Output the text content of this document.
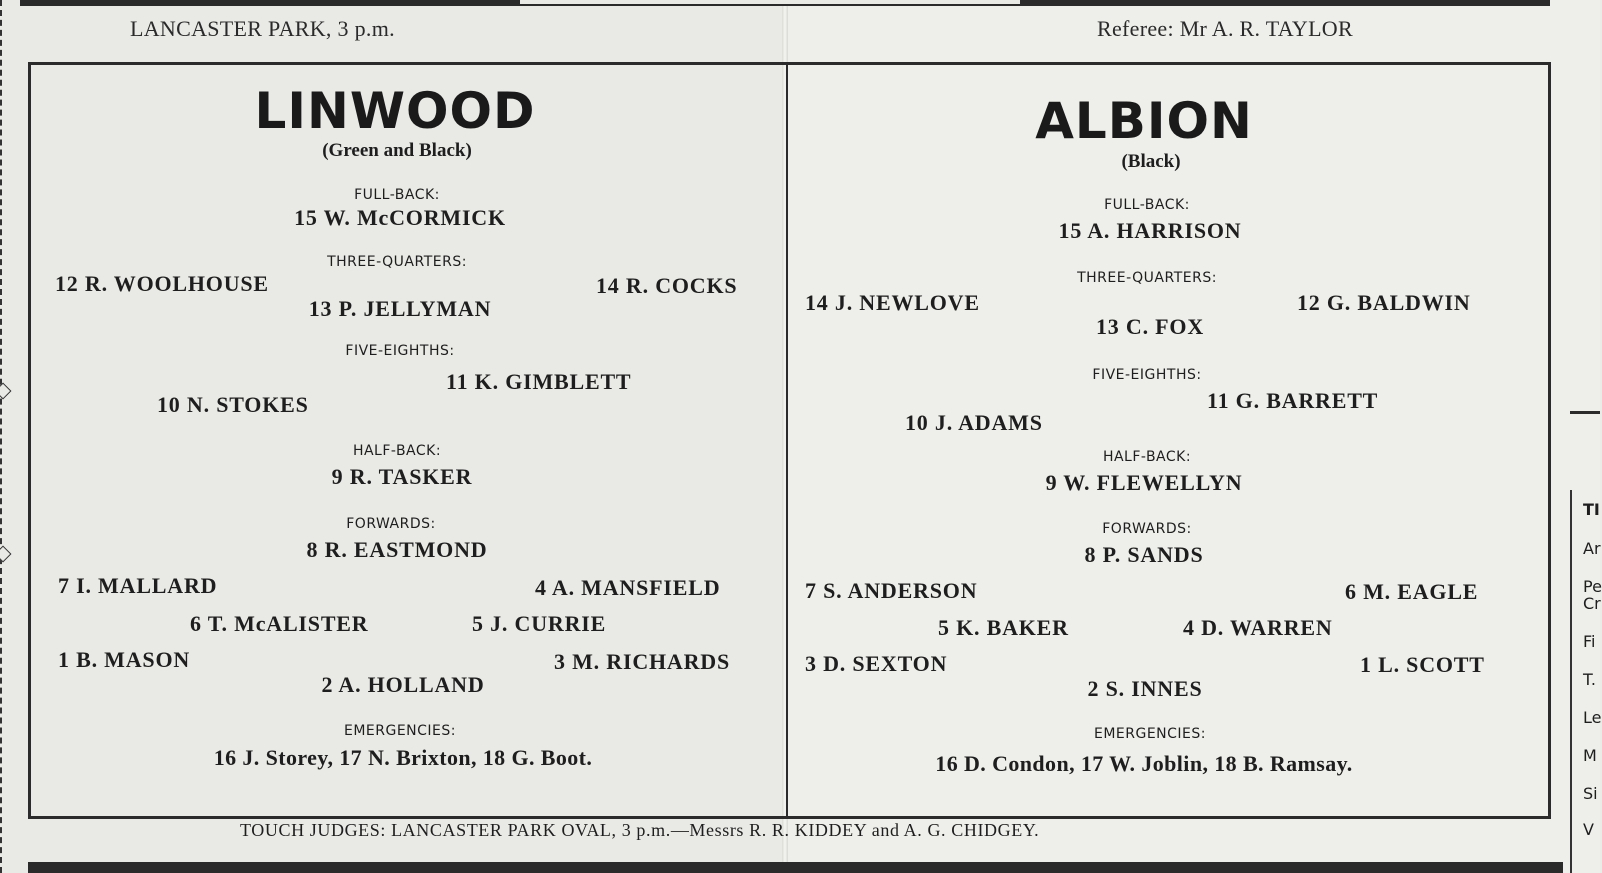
LANCASTER PARK, 3 p.m.	Referee: Mr A. R. TAYLOR
LINWOOD
(Green and Black)
FULL-BACK:
15 W. McCORMICK
THREE-QUARTERS:
12 R. WOOLHOUSE
13 P. JELLYMAN
14 R. COCKS
FIVE-EIGHTHS:
11 K. GIMBLETT
10 N. STOKES
HALF-BACK:
9 R. TASKER
FORWARDS:
8 R. EASTMOND
7 I. MALLARD	4 A. MANSFIELD
6 T. McALISTER	5 J. CURRIE
1 B. MASON	3 M. RICHARDS
2 A. HOLLAND
EMERGENCIES:
16 J. Storey, 17 N. Brixton, 18 G. Boot.
ALBION
(Black)
FULL-BACK:
15 A. HARRISON
THREE-QUARTERS:
14 J. NEWLOVE
13 C. FOX
12 G. BALDWIN
FIVE-EIGHTHS:
11 G. BARRETT
10 J. ADAMS
HALF-BACK:
9 W. FLEWELLYN
FORWARDS:
8 P. SANDS
7 S. ANDERSON	6 M. EAGLE
5 K. BAKER	4 D. WARREN
3 D. SEXTON	1 L. SCOTT
2 S. INNES
EMERGENCIES:
16 D. Condon, 17 W. Joblin, 18 B. Ramsay.
TOUCH JUDGES: LANCASTER PARK OVAL, 3 p.m.—Messrs R. R. KIDDEY and A. G. CHIDGEY.
TI
Ar
Pe
Cr
Fi
T.
Le
M
Si
V
